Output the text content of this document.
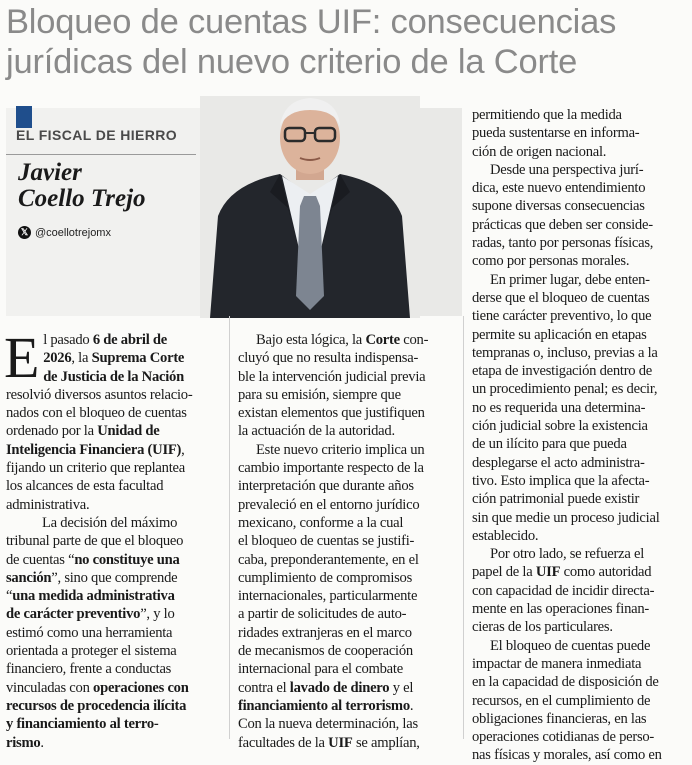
Bloqueo de cuentas UIF: consecuencias
jurídicas del nuevo criterio de la Corte
EL FISCAL DE HIERRO
Javier
Coello Trejo
𝕏 @coellotrejomx

E l pasado 6 de abril de
2026, la Suprema Corte
de Justicia de la Nación
resolvió diversos asuntos relacio-
nados con el bloqueo de cuentas
ordenado por la Unidad de
Inteligencia Financiera (UIF),
fijando un criterio que replantea
los alcances de esta facultad
administrativa.

La decisión del máximo
tribunal parte de que el bloqueo
de cuentas “no constituye una
sanción”, sino que comprende
“una medida administrativa
de carácter preventivo”, y lo
estimó como una herramienta
orientada a proteger el sistema
financiero, frente a conductas
vinculadas con operaciones con
recursos de procedencia ilícita
y financiamiento al terro-
rismo.

Bajo esta lógica, la Corte con-
cluyó que no resulta indispensa-
ble la intervención judicial previa
para su emisión, siempre que
existan elementos que justifiquen
la actuación de la autoridad.

Este nuevo criterio implica un
cambio importante respecto de la
interpretación que durante años
prevaleció en el entorno jurídico
mexicano, conforme a la cual
el bloqueo de cuentas se justifi-
caba, preponderantemente, en el
cumplimiento de compromisos
internacionales, particularmente
a partir de solicitudes de auto-
ridades extranjeras en el marco
de mecanismos de cooperación
internacional para el combate
contra el lavado de dinero y el
financiamiento al terrorismo.
Con la nueva determinación, las
facultades de la UIF se amplían,

permitiendo que la medida
pueda sustentarse en informa-
ción de origen nacional.

Desde una perspectiva jurí-
dica, este nuevo entendimiento
supone diversas consecuencias
prácticas que deben ser conside-
radas, tanto por personas físicas,
como por personas morales.

En primer lugar, debe enten-
derse que el bloqueo de cuentas
tiene carácter preventivo, lo que
permite su aplicación en etapas
tempranas o, incluso, previas a la
etapa de investigación dentro de
un procedimiento penal; es decir,
no es requerida una determina-
ción judicial sobre la existencia
de un ilícito para que pueda
desplegarse el acto administra-
tivo. Esto implica que la afecta-
ción patrimonial puede existir
sin que medie un proceso judicial
establecido.

Por otro lado, se refuerza el
papel de la UIF como autoridad
con capacidad de incidir directa-
mente en las operaciones finan-
cieras de los particulares.

El bloqueo de cuentas puede
impactar de manera inmediata
en la capacidad de disposición de
recursos, en el cumplimiento de
obligaciones financieras, en las
operaciones cotidianas de perso-
nas físicas y morales, así como en
